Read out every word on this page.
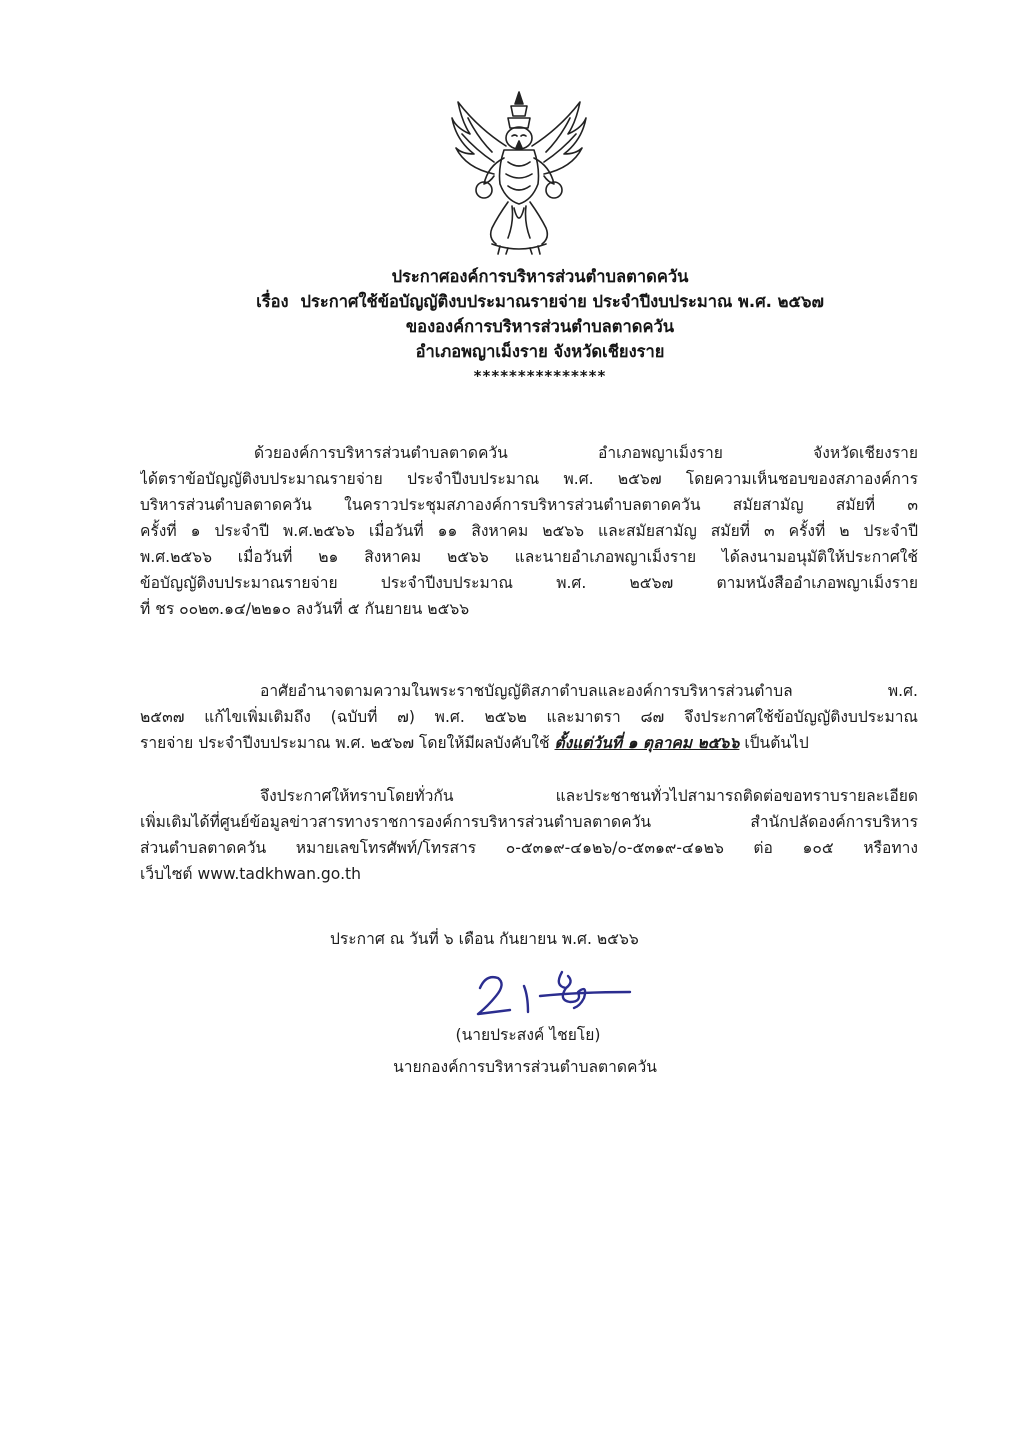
ประกาศองค์การบริหารส่วนตำบลตาดควัน
เรื่อง ประกาศใช้ข้อบัญญัติงบประมาณรายจ่าย ประจำปีงบประมาณ พ.ศ. ๒๕๖๗
ขององค์การบริหารส่วนตำบลตาดควัน
อำเภอพญาเม็งราย จังหวัดเชียงราย
***************
ด้วยองค์การบริหารส่วนตำบลตาดควัน อำเภอพญาเม็งราย จังหวัดเชียงราย
ได้ตราข้อบัญญัติงบประมาณรายจ่าย ประจำปีงบประมาณ พ.ศ. ๒๕๖๗ โดยความเห็นชอบของสภาองค์การ
บริหารส่วนตำบลตาดควัน ในคราวประชุมสภาองค์การบริหารส่วนตำบลตาดควัน สมัยสามัญ สมัยที่ ๓
ครั้งที่ ๑ ประจำปี พ.ศ.๒๕๖๖ เมื่อวันที่ ๑๑ สิงหาคม ๒๕๖๖ และสมัยสามัญ สมัยที่ ๓ ครั้งที่ ๒ ประจำปี
พ.ศ.๒๕๖๖ เมื่อวันที่ ๒๑ สิงหาคม ๒๕๖๖ และนายอำเภอพญาเม็งราย ได้ลงนามอนุมัติให้ประกาศใช้
ข้อบัญญัติงบประมาณรายจ่าย ประจำปีงบประมาณ พ.ศ. ๒๕๖๗ ตามหนังสืออำเภอพญาเม็งราย
ที่ ชร ๐๐๒๓.๑๔/๒๒๑๐ ลงวันที่ ๕ กันยายน ๒๕๖๖
อาศัยอำนาจตามความในพระราชบัญญัติสภาตำบลและองค์การบริหารส่วนตำบล พ.ศ.
๒๕๓๗ แก้ไขเพิ่มเติมถึง (ฉบับที่ ๗) พ.ศ. ๒๕๖๒ และมาตรา ๘๗ จึงประกาศใช้ข้อบัญญัติงบประมาณ
รายจ่าย ประจำปีงบประมาณ พ.ศ. ๒๕๖๗ โดยให้มีผลบังคับใช้ ตั้งแต่วันที่ ๑ ตุลาคม ๒๕๖๖ เป็นต้นไป
จึงประกาศให้ทราบโดยทั่วกัน และประชาชนทั่วไปสามารถติดต่อขอทราบรายละเอียด
เพิ่มเติมได้ที่ศูนย์ข้อมูลข่าวสารทางราชการองค์การบริหารส่วนตำบลตาดควัน สำนักปลัดองค์การบริหาร
ส่วนตำบลตาดควัน หมายเลขโทรศัพท์/โทรสาร ๐-๕๓๑๙-๔๑๒๖/๐-๕๓๑๙-๔๑๒๖ ต่อ ๑๐๕ หรือทาง
เว็บไซต์ www.tadkhwan.go.th
ประกาศ ณ วันที่ ๖ เดือน กันยายน พ.ศ. ๒๕๖๖
(นายประสงค์ ไชยโย)
นายกองค์การบริหารส่วนตำบลตาดควัน
